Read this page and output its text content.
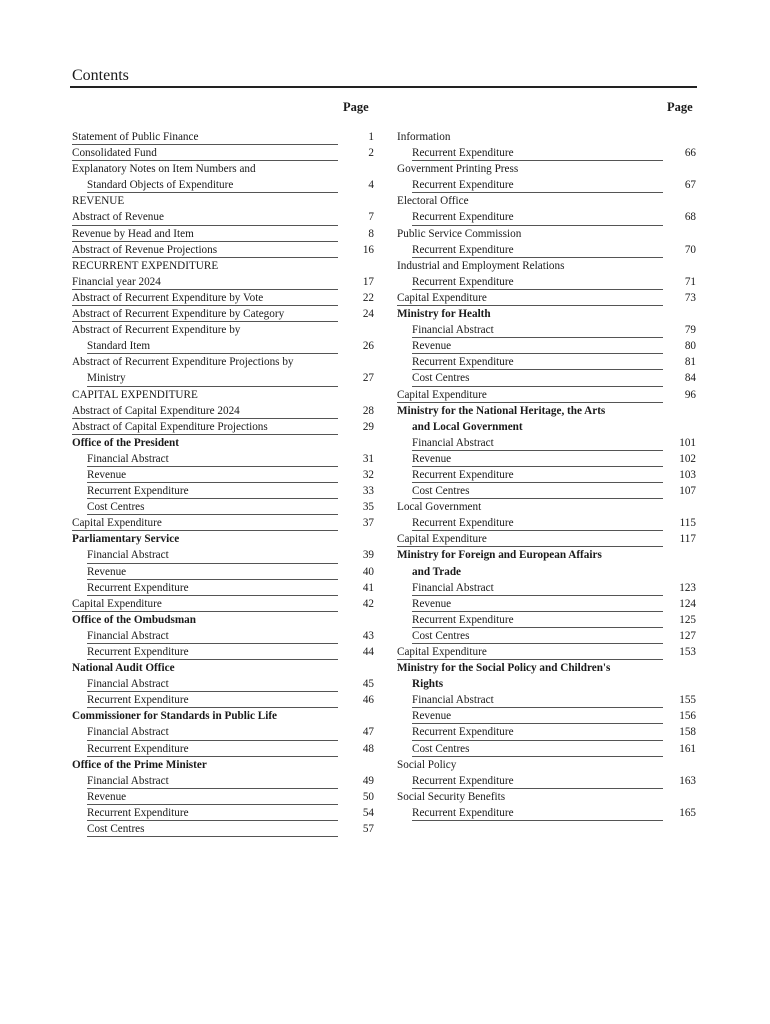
Contents
Page	Page
Statement of Public Finance	1
Consolidated Fund	2
Explanatory Notes on Item Numbers and
Standard Objects of Expenditure	4
REVENUE
Abstract of Revenue	7
Revenue by Head and Item	8
Abstract of Revenue Projections	16
RECURRENT EXPENDITURE
Financial year 2024	17
Abstract of Recurrent Expenditure by Vote	22
Abstract of Recurrent Expenditure by Category	24
Abstract of Recurrent Expenditure by
Standard Item	26
Abstract of Recurrent Expenditure Projections by
Ministry	27
CAPITAL EXPENDITURE
Abstract of Capital Expenditure 2024	28
Abstract of Capital Expenditure Projections	29
Office of the President
Financial Abstract	31
Revenue	32
Recurrent Expenditure	33
Cost Centres	35
Capital Expenditure	37
Parliamentary Service
Financial Abstract	39
Revenue	40
Recurrent Expenditure	41
Capital Expenditure	42
Office of the Ombudsman
Financial Abstract	43
Recurrent Expenditure	44
National Audit Office
Financial Abstract	45
Recurrent Expenditure	46
Commissioner for Standards in Public Life
Financial Abstract	47
Recurrent Expenditure	48
Office of the Prime Minister
Financial Abstract	49
Revenue	50
Recurrent Expenditure	54
Cost Centres	57
Information
Recurrent Expenditure	66
Government Printing Press
Recurrent Expenditure	67
Electoral Office
Recurrent Expenditure	68
Public Service Commission
Recurrent Expenditure	70
Industrial and Employment Relations
Recurrent Expenditure	71
Capital Expenditure	73
Ministry for Health
Financial Abstract	79
Revenue	80
Recurrent Expenditure	81
Cost Centres	84
Capital Expenditure	96
Ministry for the National Heritage, the Arts
and Local Government
Financial Abstract	101
Revenue	102
Recurrent Expenditure	103
Cost Centres	107
Local Government
Recurrent Expenditure	115
Capital Expenditure	117
Ministry for Foreign and European Affairs
and Trade
Financial Abstract	123
Revenue	124
Recurrent Expenditure	125
Cost Centres	127
Capital Expenditure	153
Ministry for the Social Policy and Children's
Rights
Financial Abstract	155
Revenue	156
Recurrent Expenditure	158
Cost Centres	161
Social Policy
Recurrent Expenditure	163
Social Security Benefits
Recurrent Expenditure	165
